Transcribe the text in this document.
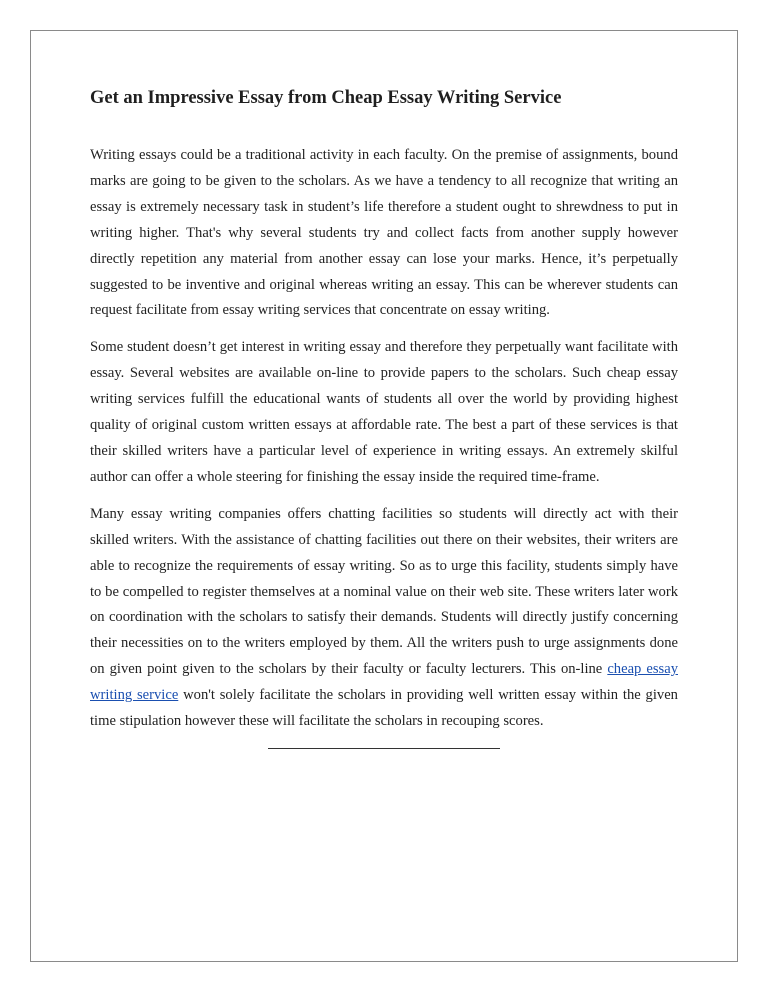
Get an Impressive Essay from Cheap Essay Writing Service

Writing essays could be a traditional activity in each faculty. On the premise of assignments, bound marks are going to be given to the scholars. As we have a tendency to all recognize that writing an essay is extremely necessary task in student’s life therefore a student ought to shrewdness to put in writing higher. That's why several students try and collect facts from another supply however directly repetition any material from another essay can lose your marks. Hence, it’s perpetually suggested to be inventive and original whereas writing an essay. This can be wherever students can request facilitate from essay writing services that concentrate on essay writing.

Some student doesn’t get interest in writing essay and therefore they perpetually want facilitate with essay. Several websites are available on-line to provide papers to the scholars. Such cheap essay writing services fulfill the educational wants of students all over the world by providing highest quality of original custom written essays at affordable rate. The best a part of these services is that their skilled writers have a particular level of experience in writing essays. An extremely skilful author can offer a whole steering for finishing the essay inside the required time-frame.

Many essay writing companies offers chatting facilities so students will directly act with their skilled writers. With the assistance of chatting facilities out there on their websites, their writers are able to recognize the requirements of essay writing. So as to urge this facility, students simply have to be compelled to register themselves at a nominal value on their web site. These writers later work on coordination with the scholars to satisfy their demands. Students will directly justify concerning their necessities on to the writers employed by them. All the writers push to urge assignments done on given point given to the scholars by their faculty or faculty lecturers. This on-line cheap essay writing service won't solely facilitate the scholars in providing well written essay within the given time stipulation however these will facilitate the scholars in recouping scores.
